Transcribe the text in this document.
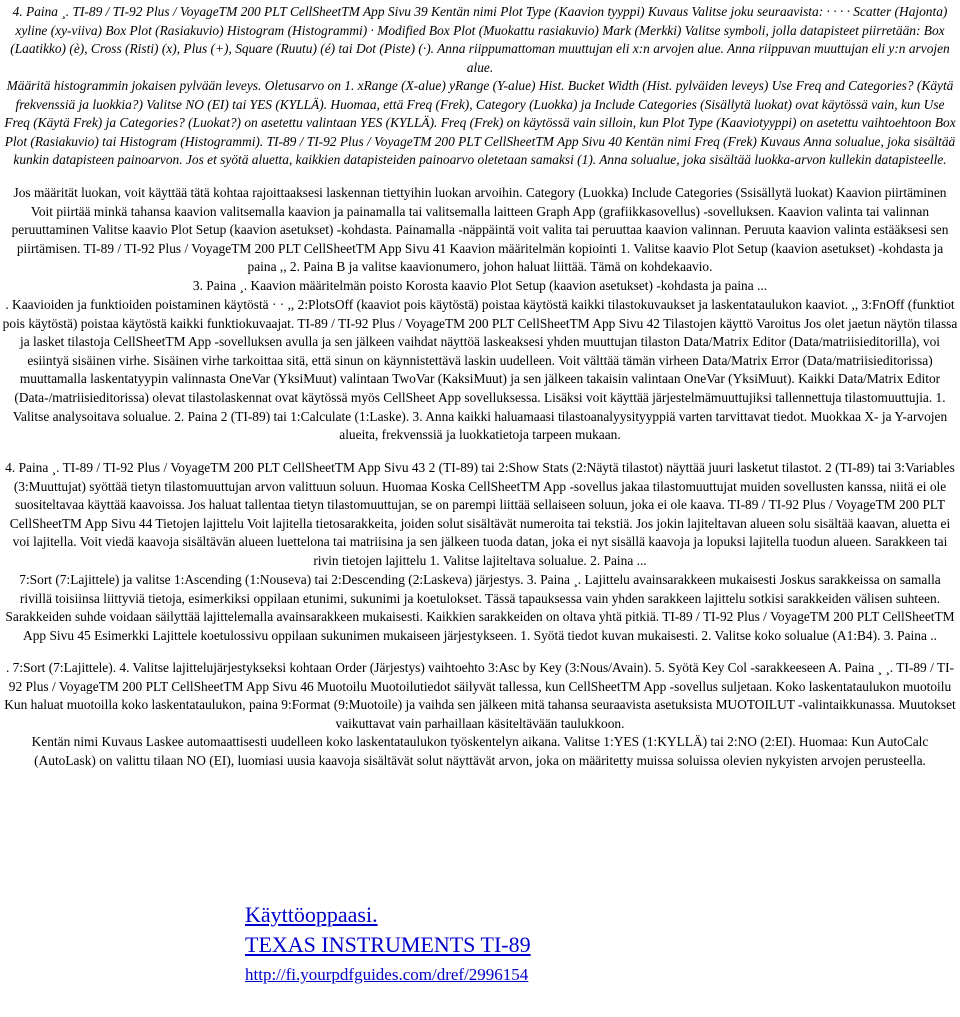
4. Paina ¸. TI-89 / TI-92 Plus / VoyageTM 200 PLT CellSheetTM App Sivu 39 Kentän nimi Plot Type (Kaavion tyyppi) Kuvaus Valitse joku seuraavista: · · · · Scatter (Hajonta) xyline (xy-viiva) Box Plot (Rasiakuvio) Histogram (Histogrammi) · Modified Box Plot (Muokattu rasiakuvio) Mark (Merkki) Valitse symboli, jolla datapisteet piirretään: Box (Laatikko) (è), Cross (Risti) (x), Plus (+), Square (Ruutu) (é) tai Dot (Piste) (·). Anna riippumattoman muuttujan eli x:n arvojen alue. Anna riippuvan muuttujan eli y:n arvojen alue.

Määritä histogrammin jokaisen pylvään leveys. Oletusarvo on 1. xRange (X-alue) yRange (Y-alue) Hist. Bucket Width (Hist. pylväiden leveys) Use Freq and Categories? (Käytä frekvenssiä ja luokkia?) Valitse NO (EI) tai YES (KYLLÄ). Huomaa, että Freq (Frek), Category (Luokka) ja Include Categories (Sisällytä luokat) ovat käytössä vain, kun Use Freq (Käytä Frek) ja Categories? (Luokat?) on asetettu valintaan YES (KYLLÄ). Freq (Frek) on käytössä vain silloin, kun Plot Type (Kaaviotyyppi) on asetettu vaihtoehtoon Box Plot (Rasiakuvio) tai Histogram (Histogrammi). TI-89 / TI-92 Plus / VoyageTM 200 PLT CellSheetTM App Sivu 40 Kentän nimi Freq (Frek) Kuvaus Anna solualue, joka sisältää kunkin datapisteen painoarvon. Jos et syötä aluetta, kaikkien datapisteiden painoarvo oletetaan samaksi (1). Anna solualue, joka sisältää luokka-arvon kullekin datapisteelle.

Jos määrität luokan, voit käyttää tätä kohtaa rajoittaaksesi laskennan tiettyihin luokan arvoihin. Category (Luokka) Include Categories (Ssisällytä luokat) Kaavion piirtäminen Voit piirtää minkä tahansa kaavion valitsemalla kaavion ja painamalla tai valitsemalla laitteen Graph App (grafiikkasovellus) -sovelluksen. Kaavion valinta tai valinnan peruuttaminen Valitse kaavio Plot Setup (kaavion asetukset) -kohdasta. Painamalla -näppäintä voit valita tai peruuttaa kaavion valinnan. Peruuta kaavion valinta estääksesi sen piirtämisen. TI-89 / TI-92 Plus / VoyageTM 200 PLT CellSheetTM App Sivu 41 Kaavion määritelmän kopiointi 1. Valitse kaavio Plot Setup (kaavion asetukset) -kohdasta ja paina ,, 2. Paina B ja valitse kaavionumero, johon haluat liittää. Tämä on kohdekaavio.

3. Paina ¸. Kaavion määritelmän poisto Korosta kaavio Plot Setup (kaavion asetukset) -kohdasta ja paina ...

. Kaavioiden ja funktioiden poistaminen käytöstä · · ,, 2:PlotsOff (kaaviot pois käytöstä) poistaa käytöstä kaikki tilastokuvaukset ja laskentataulukon kaaviot. ,, 3:FnOff (funktiot pois käytöstä) poistaa käytöstä kaikki funktiokuvaajat. TI-89 / TI-92 Plus / VoyageTM 200 PLT CellSheetTM App Sivu 42 Tilastojen käyttö Varoitus Jos olet jaetun näytön tilassa ja lasket tilastoja CellSheetTM App -sovelluksen avulla ja sen jälkeen vaihdat näyttöä laskeaksesi yhden muuttujan tilaston Data/Matrix Editor (Data/matriisieditorilla), voi esiintyä sisäinen virhe. Sisäinen virhe tarkoittaa sitä, että sinun on käynnistettävä laskin uudelleen. Voit välttää tämän virheen Data/Matrix Error (Data/matriisieditorissa) muuttamalla laskentatyypin valinnasta OneVar (YksiMuut) valintaan TwoVar (KaksiMuut) ja sen jälkeen takaisin valintaan OneVar (YksiMuut). Kaikki Data/Matrix Editor (Data-/matriisieditorissa) olevat tilastolaskennat ovat käytössä myös CellSheet App sovelluksessa. Lisäksi voit käyttää järjestelmämuuttujiksi tallennettuja tilastomuuttujia. 1. Valitse analysoitava solualue. 2. Paina 2 (TI-89) tai 1:Calculate (1:Laske). 3. Anna kaikki haluamaasi tilastoanalyysityyppiä varten tarvittavat tiedot. Muokkaa X- ja Y-arvojen alueita, frekvenssiä ja luokkatietoja tarpeen mukaan.

4. Paina ¸. TI-89 / TI-92 Plus / VoyageTM 200 PLT CellSheetTM App Sivu 43 2 (TI-89) tai 2:Show Stats (2:Näytä tilastot) näyttää juuri lasketut tilastot. 2 (TI-89) tai 3:Variables (3:Muuttujat) syöttää tietyn tilastomuuttujan arvon valittuun soluun. Huomaa Koska CellSheetTM App -sovellus jakaa tilastomuuttujat muiden sovellusten kanssa, niitä ei ole suositeltavaa käyttää kaavoissa. Jos haluat tallentaa tietyn tilastomuuttujan, se on parempi liittää sellaiseen soluun, joka ei ole kaava. TI-89 / TI-92 Plus / VoyageTM 200 PLT CellSheetTM App Sivu 44 Tietojen lajittelu Voit lajitella tietosarakkeita, joiden solut sisältävät numeroita tai tekstiä. Jos jokin lajiteltavan alueen solu sisältää kaavan, aluetta ei voi lajitella. Voit viedä kaavoja sisältävän alueen luettelona tai matriisina ja sen jälkeen tuoda datan, joka ei nyt sisällä kaavoja ja lopuksi lajitella tuodun alueen. Sarakkeen tai rivin tietojen lajittelu 1. Valitse lajiteltava solualue. 2. Paina ...

7:Sort (7:Lajittele) ja valitse 1:Ascending (1:Nouseva) tai 2:Descending (2:Laskeva) järjestys. 3. Paina ¸. Lajittelu avainsarakkeen mukaisesti Joskus sarakkeissa on samalla rivillä toisiinsa liittyviä tietoja, esimerkiksi oppilaan etunimi, sukunimi ja koetulokset. Tässä tapauksessa vain yhden sarakkeen lajittelu sotkisi sarakkeiden välisen suhteen.

Sarakkeiden suhde voidaan säilyttää lajittelemalla avainsarakkeen mukaisesti. Kaikkien sarakkeiden on oltava yhtä pitkiä. TI-89 / TI-92 Plus / VoyageTM 200 PLT CellSheetTM App Sivu 45 Esimerkki Lajittele koetulossivu oppilaan sukunimen mukaiseen järjestykseen. 1. Syötä tiedot kuvan mukaisesti. 2. Valitse koko solualue (A1:B4). 3. Paina ..

. 7:Sort (7:Lajittele). 4. Valitse lajittelujärjestykseksi kohtaan Order (Järjestys) vaihtoehto 3:Asc by Key (3:Nous/Avain). 5. Syötä Key Col -sarakkeeseen A. Paina ¸ ¸. TI-89 / TI-92 Plus / VoyageTM 200 PLT CellSheetTM App Sivu 46 Muotoilu Muotoilutiedot säilyvät tallessa, kun CellSheetTM App -sovellus suljetaan. Koko laskentataulukon muotoilu Kun haluat muotoilla koko laskentataulukon, paina 9:Format (9:Muotoile) ja vaihda sen jälkeen mitä tahansa seuraavista asetuksista MUOTOILUT -valintaikkunassa. Muutokset vaikuttavat vain parhaillaan käsiteltävään taulukkoon.

Kentän nimi Kuvaus Laskee automaattisesti uudelleen koko laskentataulukon työskentelyn aikana. Valitse 1:YES (1:KYLLÄ) tai 2:NO (2:EI). Huomaa: Kun AutoCalc (AutoLask) on valittu tilaan NO (EI), luomiasi uusia kaavoja sisältävät solut näyttävät arvon, joka on määritetty muissa soluissa olevien nykyisten arvojen perusteella.

Käyttöoppaasi.
TEXAS INSTRUMENTS TI-89
http://fi.yourpdfguides.com/dref/2996154
